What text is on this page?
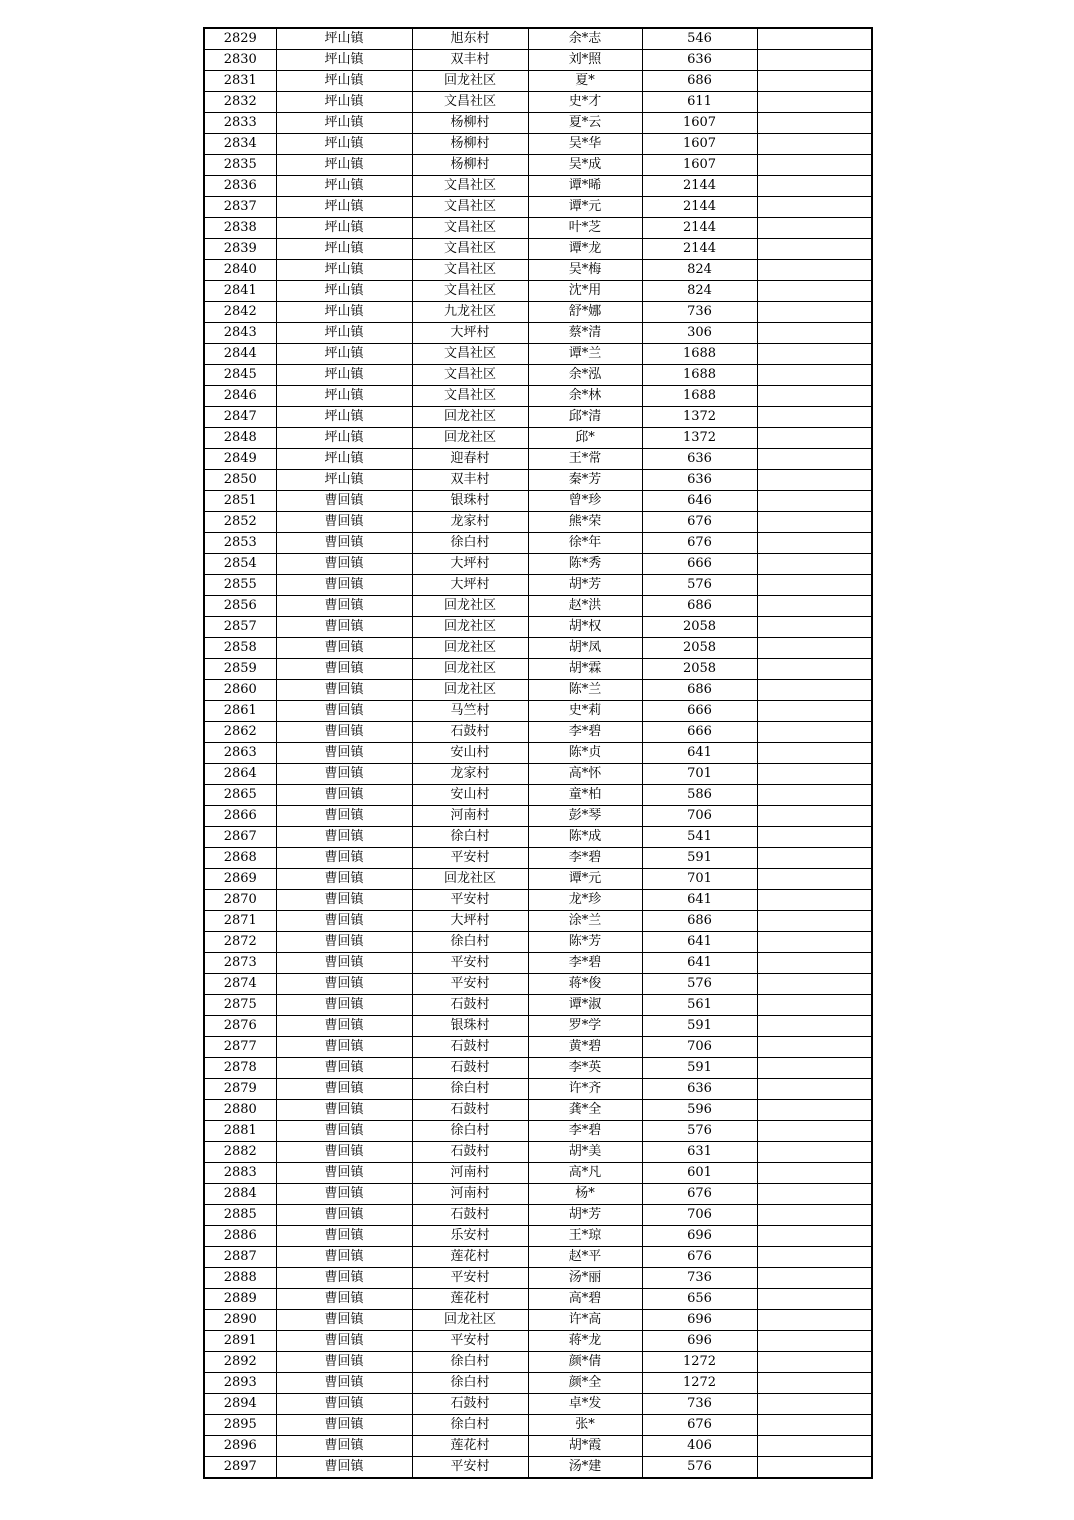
2829	坪山镇	旭东村	余*志	546	
2830	坪山镇	双丰村	刘*照	636	
2831	坪山镇	回龙社区	夏*	686	
2832	坪山镇	文昌社区	史*才	611	
2833	坪山镇	杨柳村	夏*云	1607	
2834	坪山镇	杨柳村	吴*华	1607	
2835	坪山镇	杨柳村	吴*成	1607	
2836	坪山镇	文昌社区	谭*晞	2144	
2837	坪山镇	文昌社区	谭*元	2144	
2838	坪山镇	文昌社区	叶*芝	2144	
2839	坪山镇	文昌社区	谭*龙	2144	
2840	坪山镇	文昌社区	吴*梅	824	
2841	坪山镇	文昌社区	沈*用	824	
2842	坪山镇	九龙社区	舒*娜	736	
2843	坪山镇	大坪村	蔡*清	306	
2844	坪山镇	文昌社区	谭*兰	1688	
2845	坪山镇	文昌社区	余*泓	1688	
2846	坪山镇	文昌社区	余*林	1688	
2847	坪山镇	回龙社区	邱*清	1372	
2848	坪山镇	回龙社区	邱*	1372	
2849	坪山镇	迎春村	王*常	636	
2850	坪山镇	双丰村	秦*芳	636	
2851	曹回镇	银珠村	曾*珍	646	
2852	曹回镇	龙家村	熊*荣	676	
2853	曹回镇	徐白村	徐*年	676	
2854	曹回镇	大坪村	陈*秀	666	
2855	曹回镇	大坪村	胡*芳	576	
2856	曹回镇	回龙社区	赵*洪	686	
2857	曹回镇	回龙社区	胡*权	2058	
2858	曹回镇	回龙社区	胡*凤	2058	
2859	曹回镇	回龙社区	胡*霖	2058	
2860	曹回镇	回龙社区	陈*兰	686	
2861	曹回镇	马竺村	史*莉	666	
2862	曹回镇	石鼓村	李*碧	666	
2863	曹回镇	安山村	陈*贞	641	
2864	曹回镇	龙家村	高*怀	701	
2865	曹回镇	安山村	童*柏	586	
2866	曹回镇	河南村	彭*琴	706	
2867	曹回镇	徐白村	陈*成	541	
2868	曹回镇	平安村	李*碧	591	
2869	曹回镇	回龙社区	谭*元	701	
2870	曹回镇	平安村	龙*珍	641	
2871	曹回镇	大坪村	涂*兰	686	
2872	曹回镇	徐白村	陈*芳	641	
2873	曹回镇	平安村	李*碧	641	
2874	曹回镇	平安村	蒋*俊	576	
2875	曹回镇	石鼓村	谭*淑	561	
2876	曹回镇	银珠村	罗*学	591	
2877	曹回镇	石鼓村	黄*碧	706	
2878	曹回镇	石鼓村	李*英	591	
2879	曹回镇	徐白村	许*齐	636	
2880	曹回镇	石鼓村	龚*全	596	
2881	曹回镇	徐白村	李*碧	576	
2882	曹回镇	石鼓村	胡*美	631	
2883	曹回镇	河南村	高*凡	601	
2884	曹回镇	河南村	杨*	676	
2885	曹回镇	石鼓村	胡*芳	706	
2886	曹回镇	乐安村	王*琼	696	
2887	曹回镇	莲花村	赵*平	676	
2888	曹回镇	平安村	汤*丽	736	
2889	曹回镇	莲花村	高*碧	656	
2890	曹回镇	回龙社区	许*高	696	
2891	曹回镇	平安村	蒋*龙	696	
2892	曹回镇	徐白村	颜*倩	1272	
2893	曹回镇	徐白村	颜*全	1272	
2894	曹回镇	石鼓村	卓*发	736	
2895	曹回镇	徐白村	张*	676	
2896	曹回镇	莲花村	胡*霞	406	
2897	曹回镇	平安村	汤*建	576	
